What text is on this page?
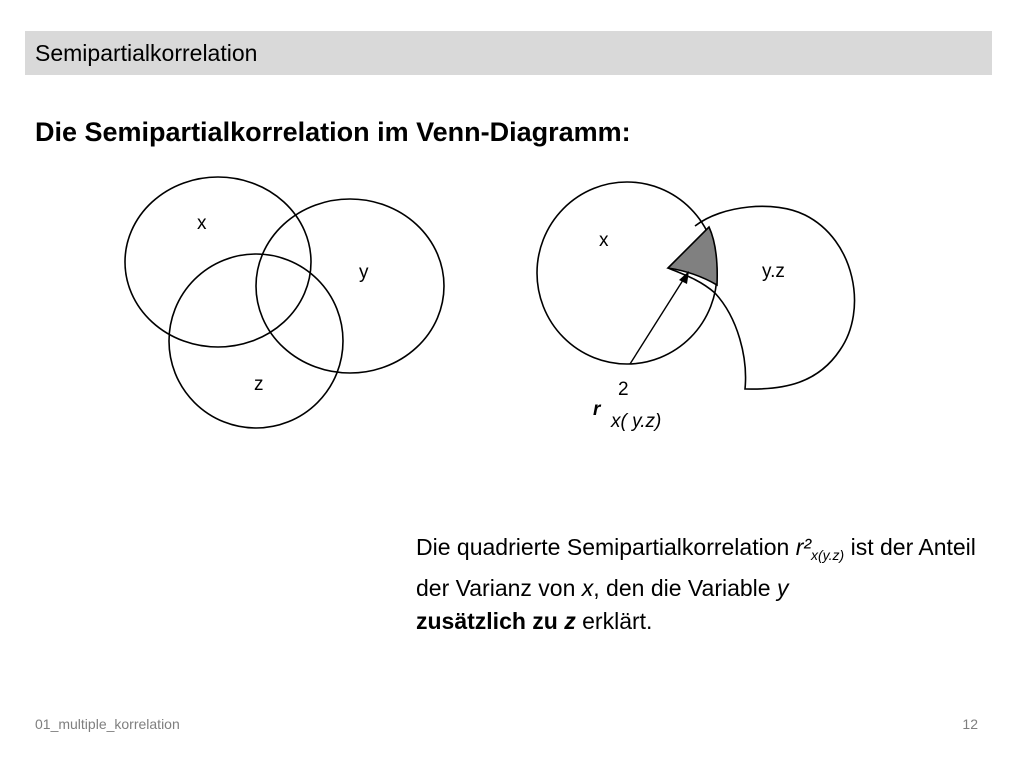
Semipartialkorrelation
Die Semipartialkorrelation im Venn-Diagramm:
x
y
z
x
y.z
r
2
x( y.z)
Die quadrierte Semipartialkorrelation $r^2_{x(y.z)}$ ist der Anteil der Varianz von x, den die Variable y
zusätzlich zu z erklärt.
01_multiple_korrelation	12
